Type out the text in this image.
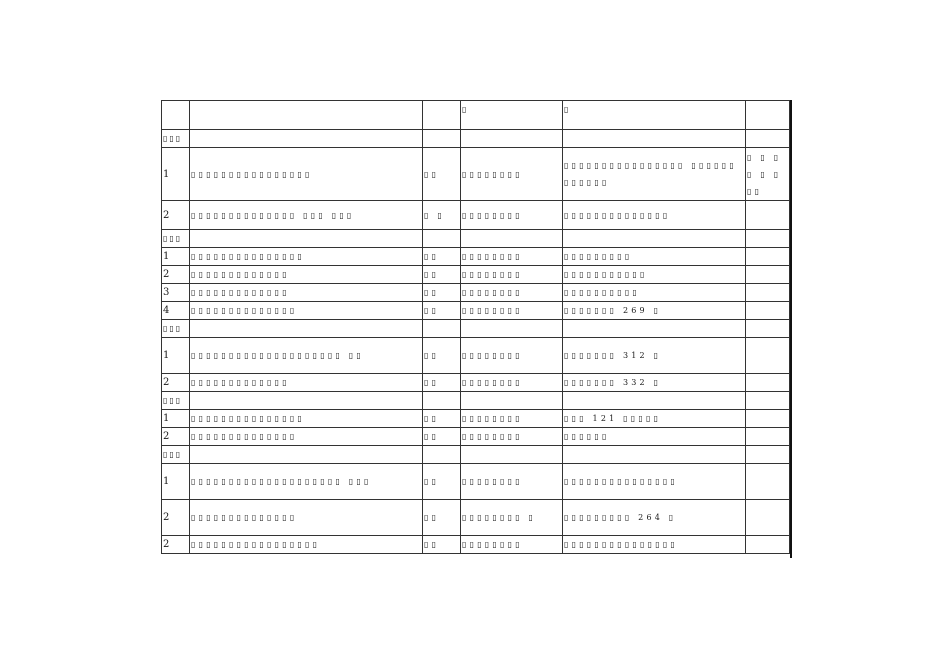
			▯	▯	
▯▯▯					
1	▯▯▯▯▯▯▯▯▯▯▯▯▯▯▯▯	▯▯	▯▯▯▯▯▯▯▯	▯▯▯▯▯▯▯▯▯▯▯▯▯▯▯▯ ▯▯▯▯▯▯▯▯▯▯▯▯	▯ ▯ ▯ ▯ ▯ ▯ ▯▯
2	▯▯▯▯▯▯▯▯▯▯▯▯▯▯ ▯▯▯ ▯▯▯	▯ ▯	▯▯▯▯▯▯▯▯	▯▯▯▯▯▯▯▯▯▯▯▯▯▯	
▯▯▯					
1	▯▯▯▯▯▯▯▯▯▯▯▯▯▯▯	▯▯	▯▯▯▯▯▯▯▯	▯▯▯▯▯▯▯▯▯	
2	▯▯▯▯▯▯▯▯▯▯▯▯▯	▯▯	▯▯▯▯▯▯▯▯	▯▯▯▯▯▯▯▯▯▯▯	
3	▯▯▯▯▯▯▯▯▯▯▯▯▯	▯▯	▯▯▯▯▯▯▯▯	▯▯▯▯▯▯▯▯▯▯	
4	▯▯▯▯▯▯▯▯▯▯▯▯▯▯	▯▯	▯▯▯▯▯▯▯▯	▯▯▯▯▯▯▯ 269 ▯	
▯▯▯					
1	▯▯▯▯▯▯▯▯▯▯▯▯▯▯▯▯▯▯▯▯ ▯▯	▯▯	▯▯▯▯▯▯▯▯	▯▯▯▯▯▯▯ 312 ▯	
2	▯▯▯▯▯▯▯▯▯▯▯▯▯	▯▯	▯▯▯▯▯▯▯▯	▯▯▯▯▯▯▯ 332 ▯	
▯▯▯					
1	▯▯▯▯▯▯▯▯▯▯▯▯▯▯▯	▯▯	▯▯▯▯▯▯▯▯	▯▯▯ 121 ▯▯▯▯▯	
2	▯▯▯▯▯▯▯▯▯▯▯▯▯▯	▯▯	▯▯▯▯▯▯▯▯	▯▯▯▯▯▯	
▯▯▯					
1	▯▯▯▯▯▯▯▯▯▯▯▯▯▯▯▯▯▯▯▯ ▯▯▯	▯▯	▯▯▯▯▯▯▯▯	▯▯▯▯▯▯▯▯▯▯▯▯▯▯▯	
2	▯▯▯▯▯▯▯▯▯▯▯▯▯▯	▯▯	▯▯▯▯▯▯▯▯ ▯	▯▯▯▯▯▯▯▯▯ 264 ▯	
2	▯▯▯▯▯▯▯▯▯▯▯▯▯▯▯▯▯	▯▯	▯▯▯▯▯▯▯▯	▯▯▯▯▯▯▯▯▯▯▯▯▯▯▯	
